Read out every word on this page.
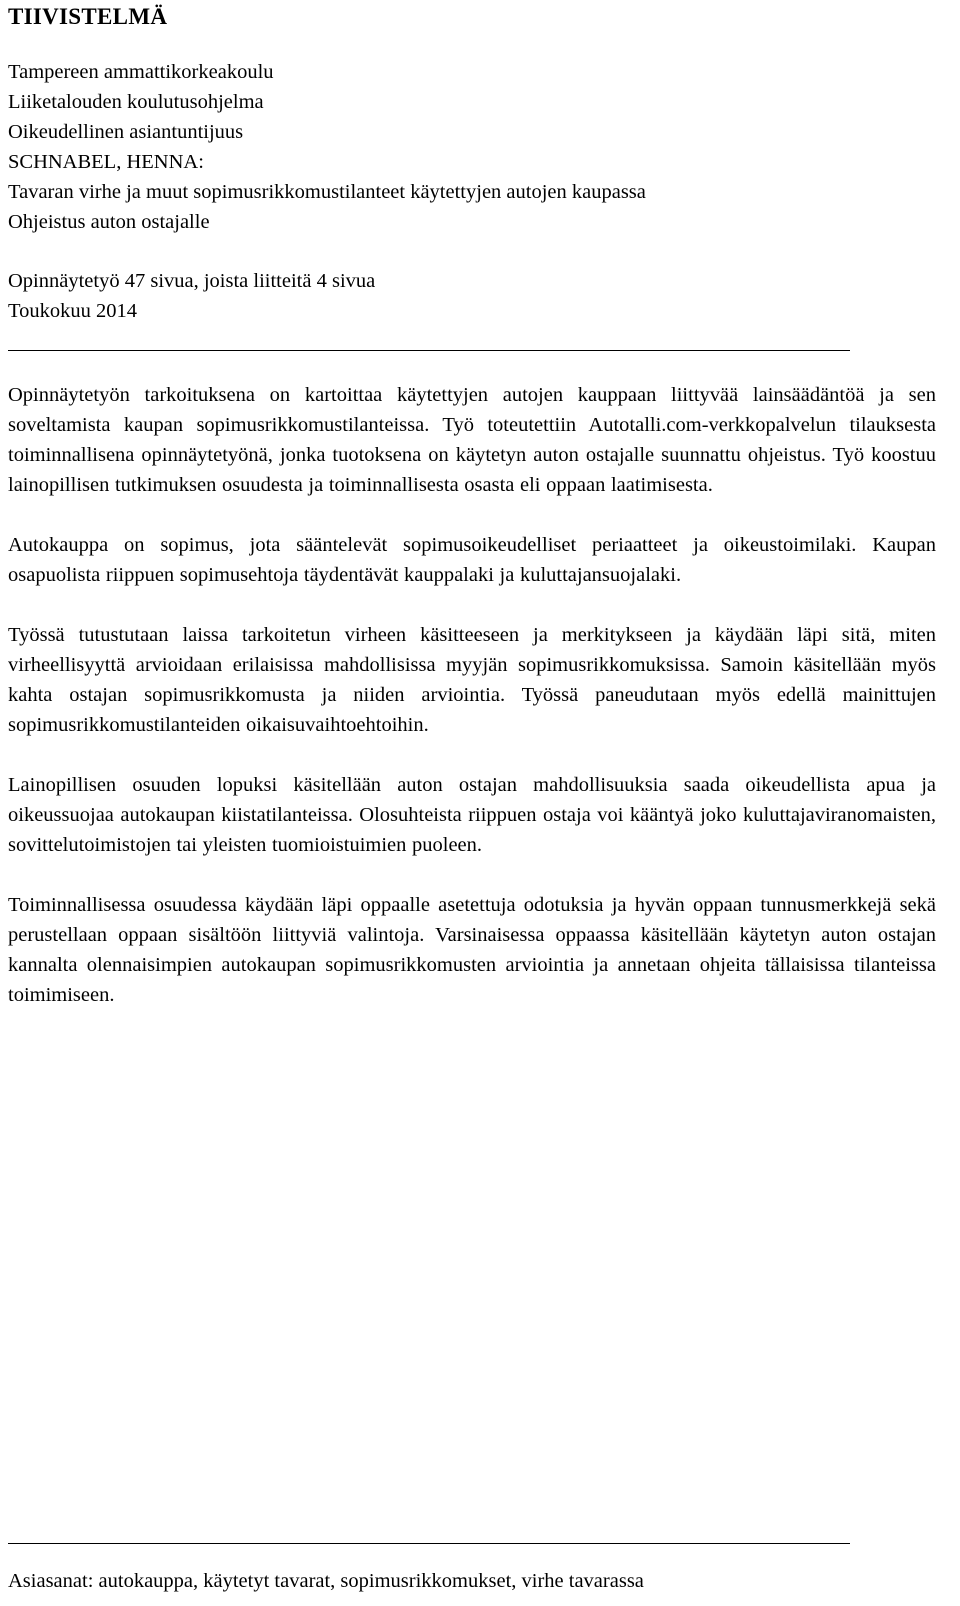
TIIVISTELMÄ
Tampereen ammattikorkeakoulu
Liiketalouden koulutusohjelma
Oikeudellinen asiantuntijuus
SCHNABEL, HENNA:
Tavaran virhe ja muut sopimusrikkomustilanteet käytettyjen autojen kaupassa
Ohjeistus auton ostajalle
Opinnäytetyö 47 sivua, joista liitteitä 4 sivua
Toukokuu 2014

Opinnäytetyön tarkoituksena on kartoittaa käytettyjen autojen kauppaan liittyvää lainsäädäntöä ja sen soveltamista kaupan sopimusrikkomustilanteissa. Työ toteutettiin Autotalli.com-verkkopalvelun tilauksesta toiminnallisena opinnäytetyönä, jonka tuotoksena on käytetyn auton ostajalle suunnattu ohjeistus. Työ koostuu lainopillisen tutkimuksen osuudesta ja toiminnallisesta osasta eli oppaan laatimisesta.

Autokauppa on sopimus, jota sääntelevät sopimusoikeudelliset periaatteet ja oikeustoimilaki. Kaupan osapuolista riippuen sopimusehtoja täydentävät kauppalaki ja kuluttajansuojalaki.

Työssä tutustutaan laissa tarkoitetun virheen käsitteeseen ja merkitykseen ja käydään läpi sitä, miten virheellisyyttä arvioidaan erilaisissa mahdollisissa myyjän sopimusrikkomuksissa. Samoin käsitellään myös kahta ostajan sopimusrikkomusta ja niiden arviointia. Työssä paneudutaan myös edellä mainittujen sopimusrikkomustilanteiden oikaisuvaihtoehtoihin.

Lainopillisen osuuden lopuksi käsitellään auton ostajan mahdollisuuksia saada oikeudellista apua ja oikeussuojaa autokaupan kiistatilanteissa. Olosuhteista riippuen ostaja voi kääntyä joko kuluttajaviranomaisten, sovittelutoimistojen tai yleisten tuomioistuimien puoleen.

Toiminnallisessa osuudessa käydään läpi oppaalle asetettuja odotuksia ja hyvän oppaan tunnusmerkkejä sekä perustellaan oppaan sisältöön liittyviä valintoja. Varsinaisessa oppaassa käsitellään käytetyn auton ostajan kannalta olennaisimpien autokaupan sopimusrikkomusten arviointia ja annetaan ohjeita tällaisissa tilanteissa toimimiseen.

Asiasanat: autokauppa, käytetyt tavarat, sopimusrikkomukset, virhe tavarassa
